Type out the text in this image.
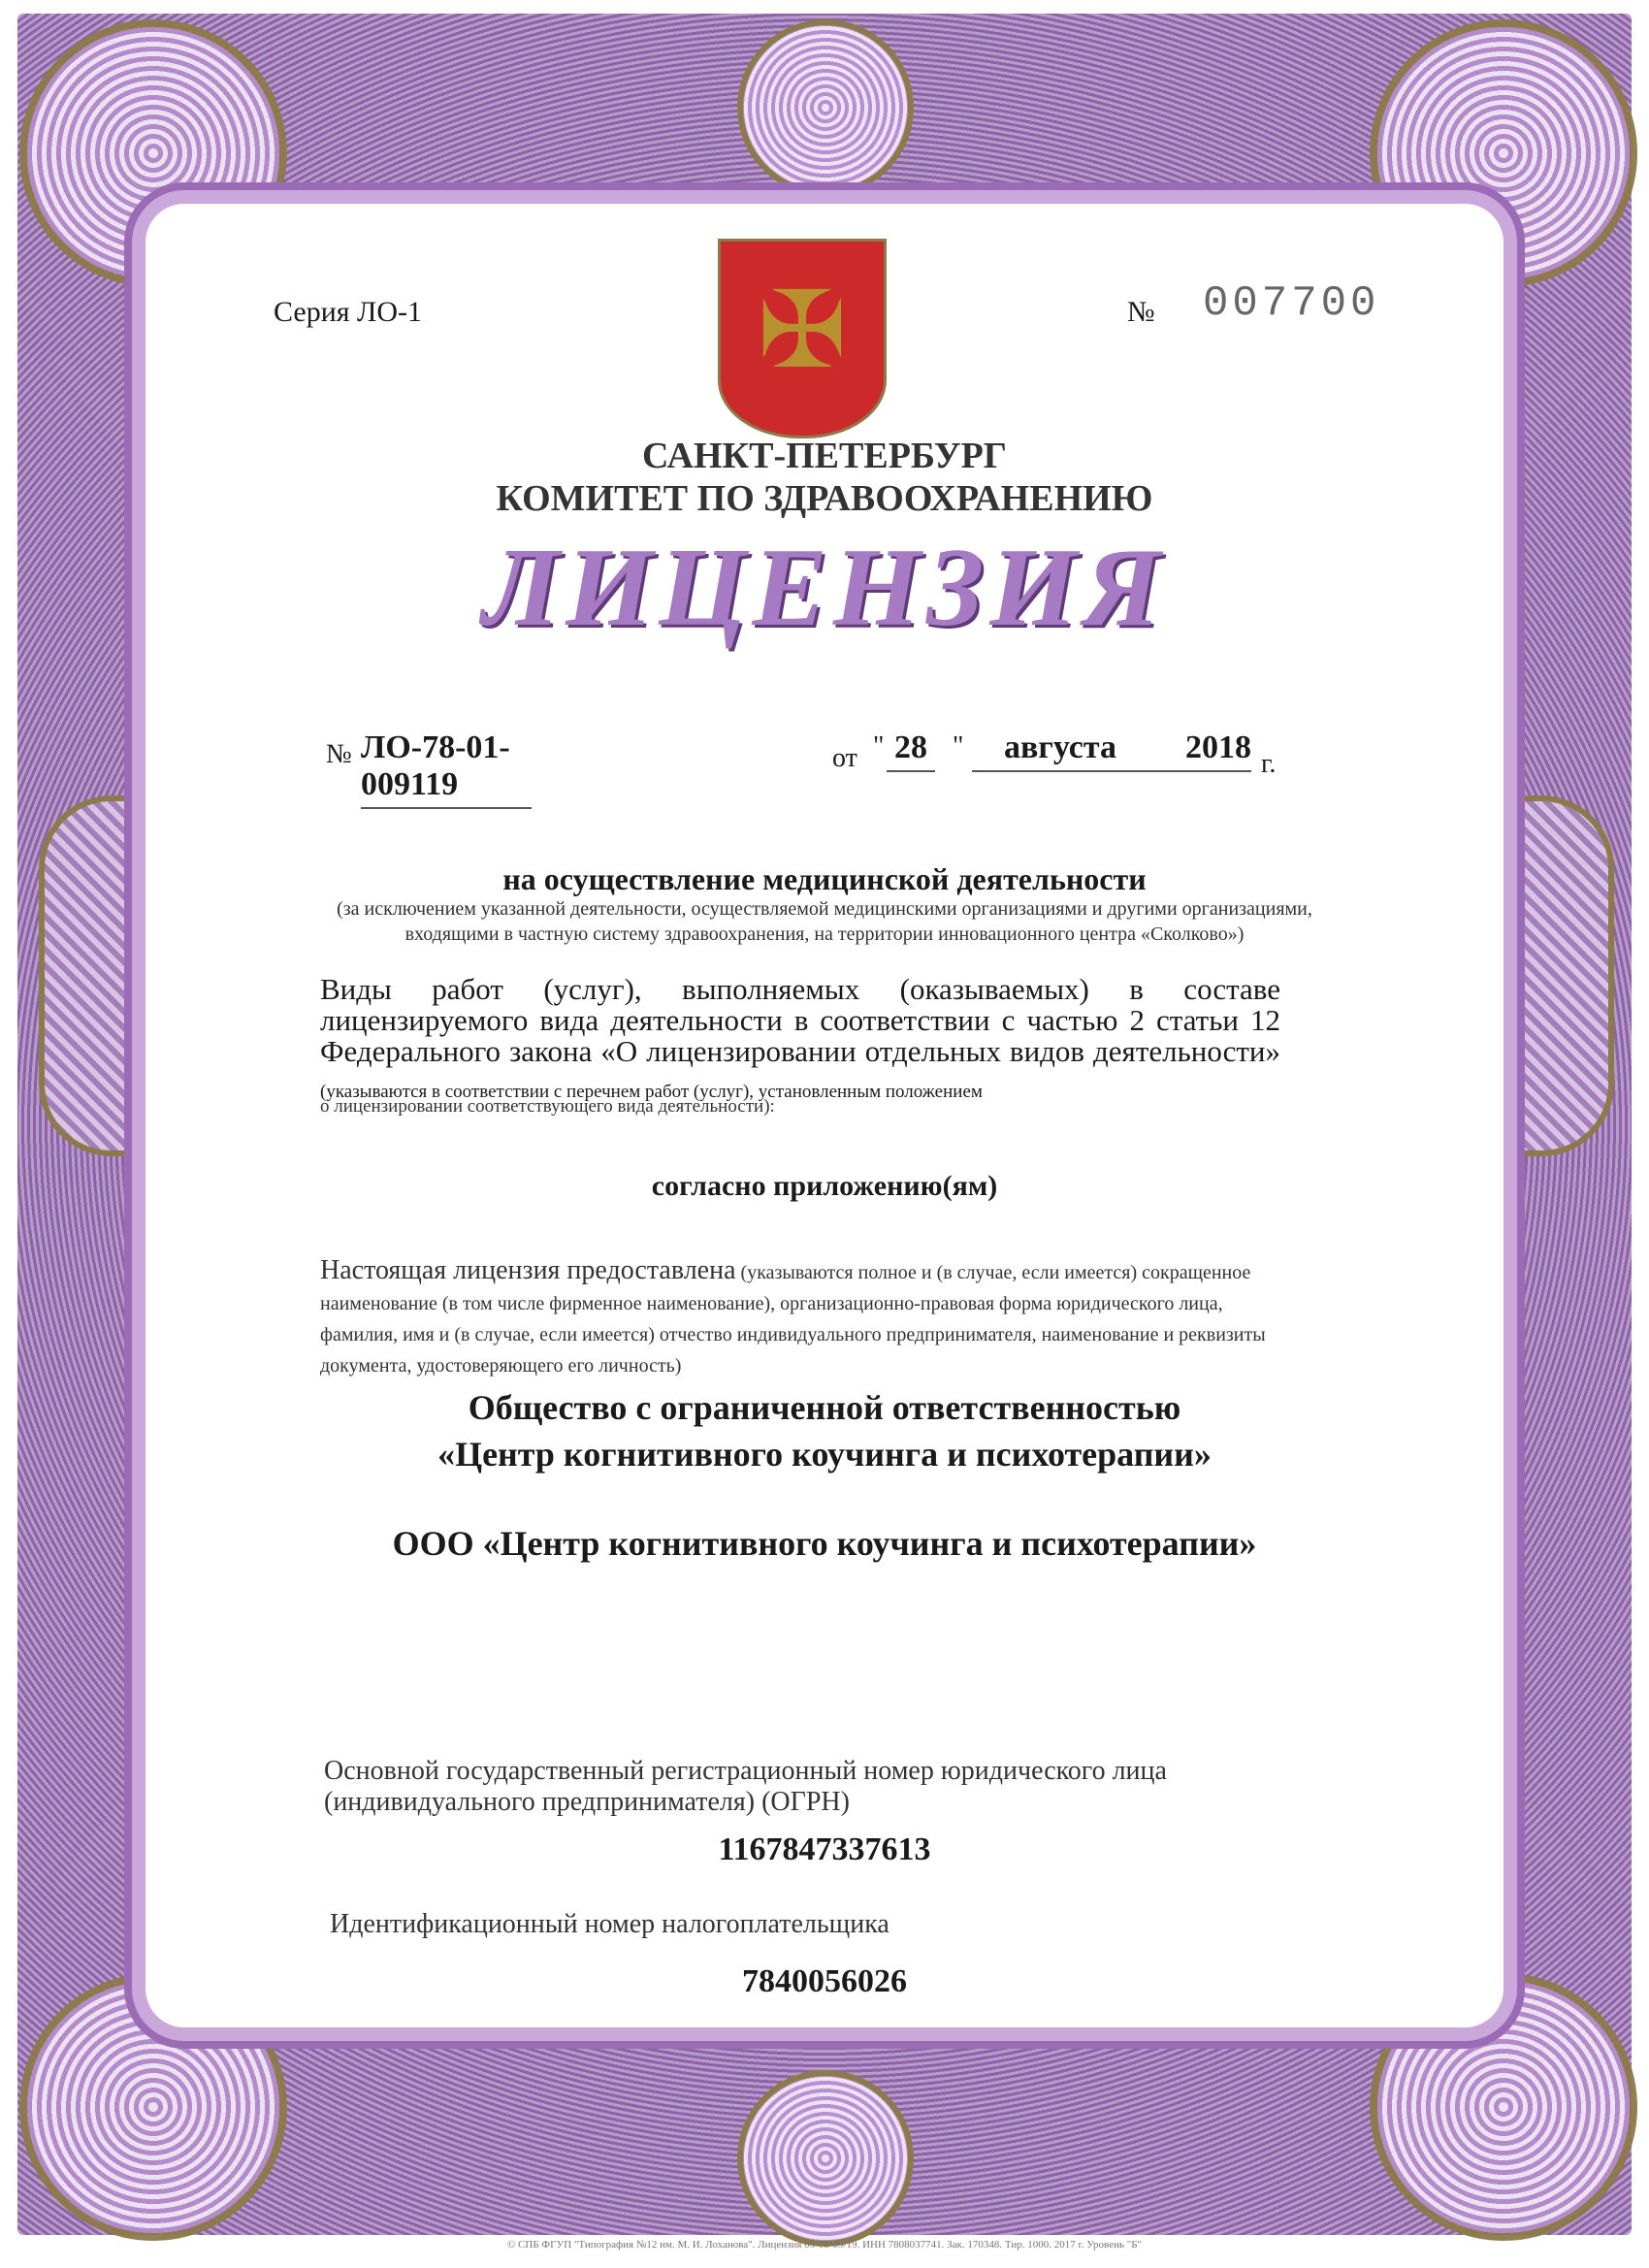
Серия ЛО-1	№ 007700
✠
САНКТ-ПЕТЕРБУРГ
КОМИТЕТ ПО ЗДРАВООХРАНЕНИЮ
ЛИЦЕНЗИЯ
№ ЛО-78-01-009119
от " 28 "	августа	2018 г.
на осуществление медицинской деятельности
(за исключением указанной деятельности, осуществляемой медицинскими организациями и другими организациями, входящими в частную систему здравоохранения, на территории инновационного центра «Сколково»)
Виды работ (услуг), выполняемых (оказываемых) в составе лицензируемого вида деятельности в соответствии с частью 2 статьи 12 Федерального закона «О лицензировании отдельных видов деятельности» (указываются в соответствии с перечнем работ (услуг), установленным положением
о лицензировании соответствующего вида деятельности):
согласно приложению(ям)
Настоящая лицензия предоставлена (указываются полное и (в случае, если имеется) сокращенное наименование (в том числе фирменное наименование), организационно-правовая форма юридического лица, фамилия, имя и (в случае, если имеется) отчество индивидуального предпринимателя, наименование и реквизиты документа, удостоверяющего его личность)
Общество с ограниченной ответственностью
«Центр когнитивного коучинга и психотерапии»
ООО «Центр когнитивного коучинга и психотерапии»
Основной государственный регистрационный номер юридического лица (индивидуального предпринимателя) (ОГРН)
1167847337613
Идентификационный номер налогоплательщика
7840056026
© СПБ ФГУП "Типография №12 им. М. И. Лоханова". Лицензия 05-05-09/19. ИНН 7808037741. Зак. 170348. Тир. 1000. 2017 г. Уровень "Б"
